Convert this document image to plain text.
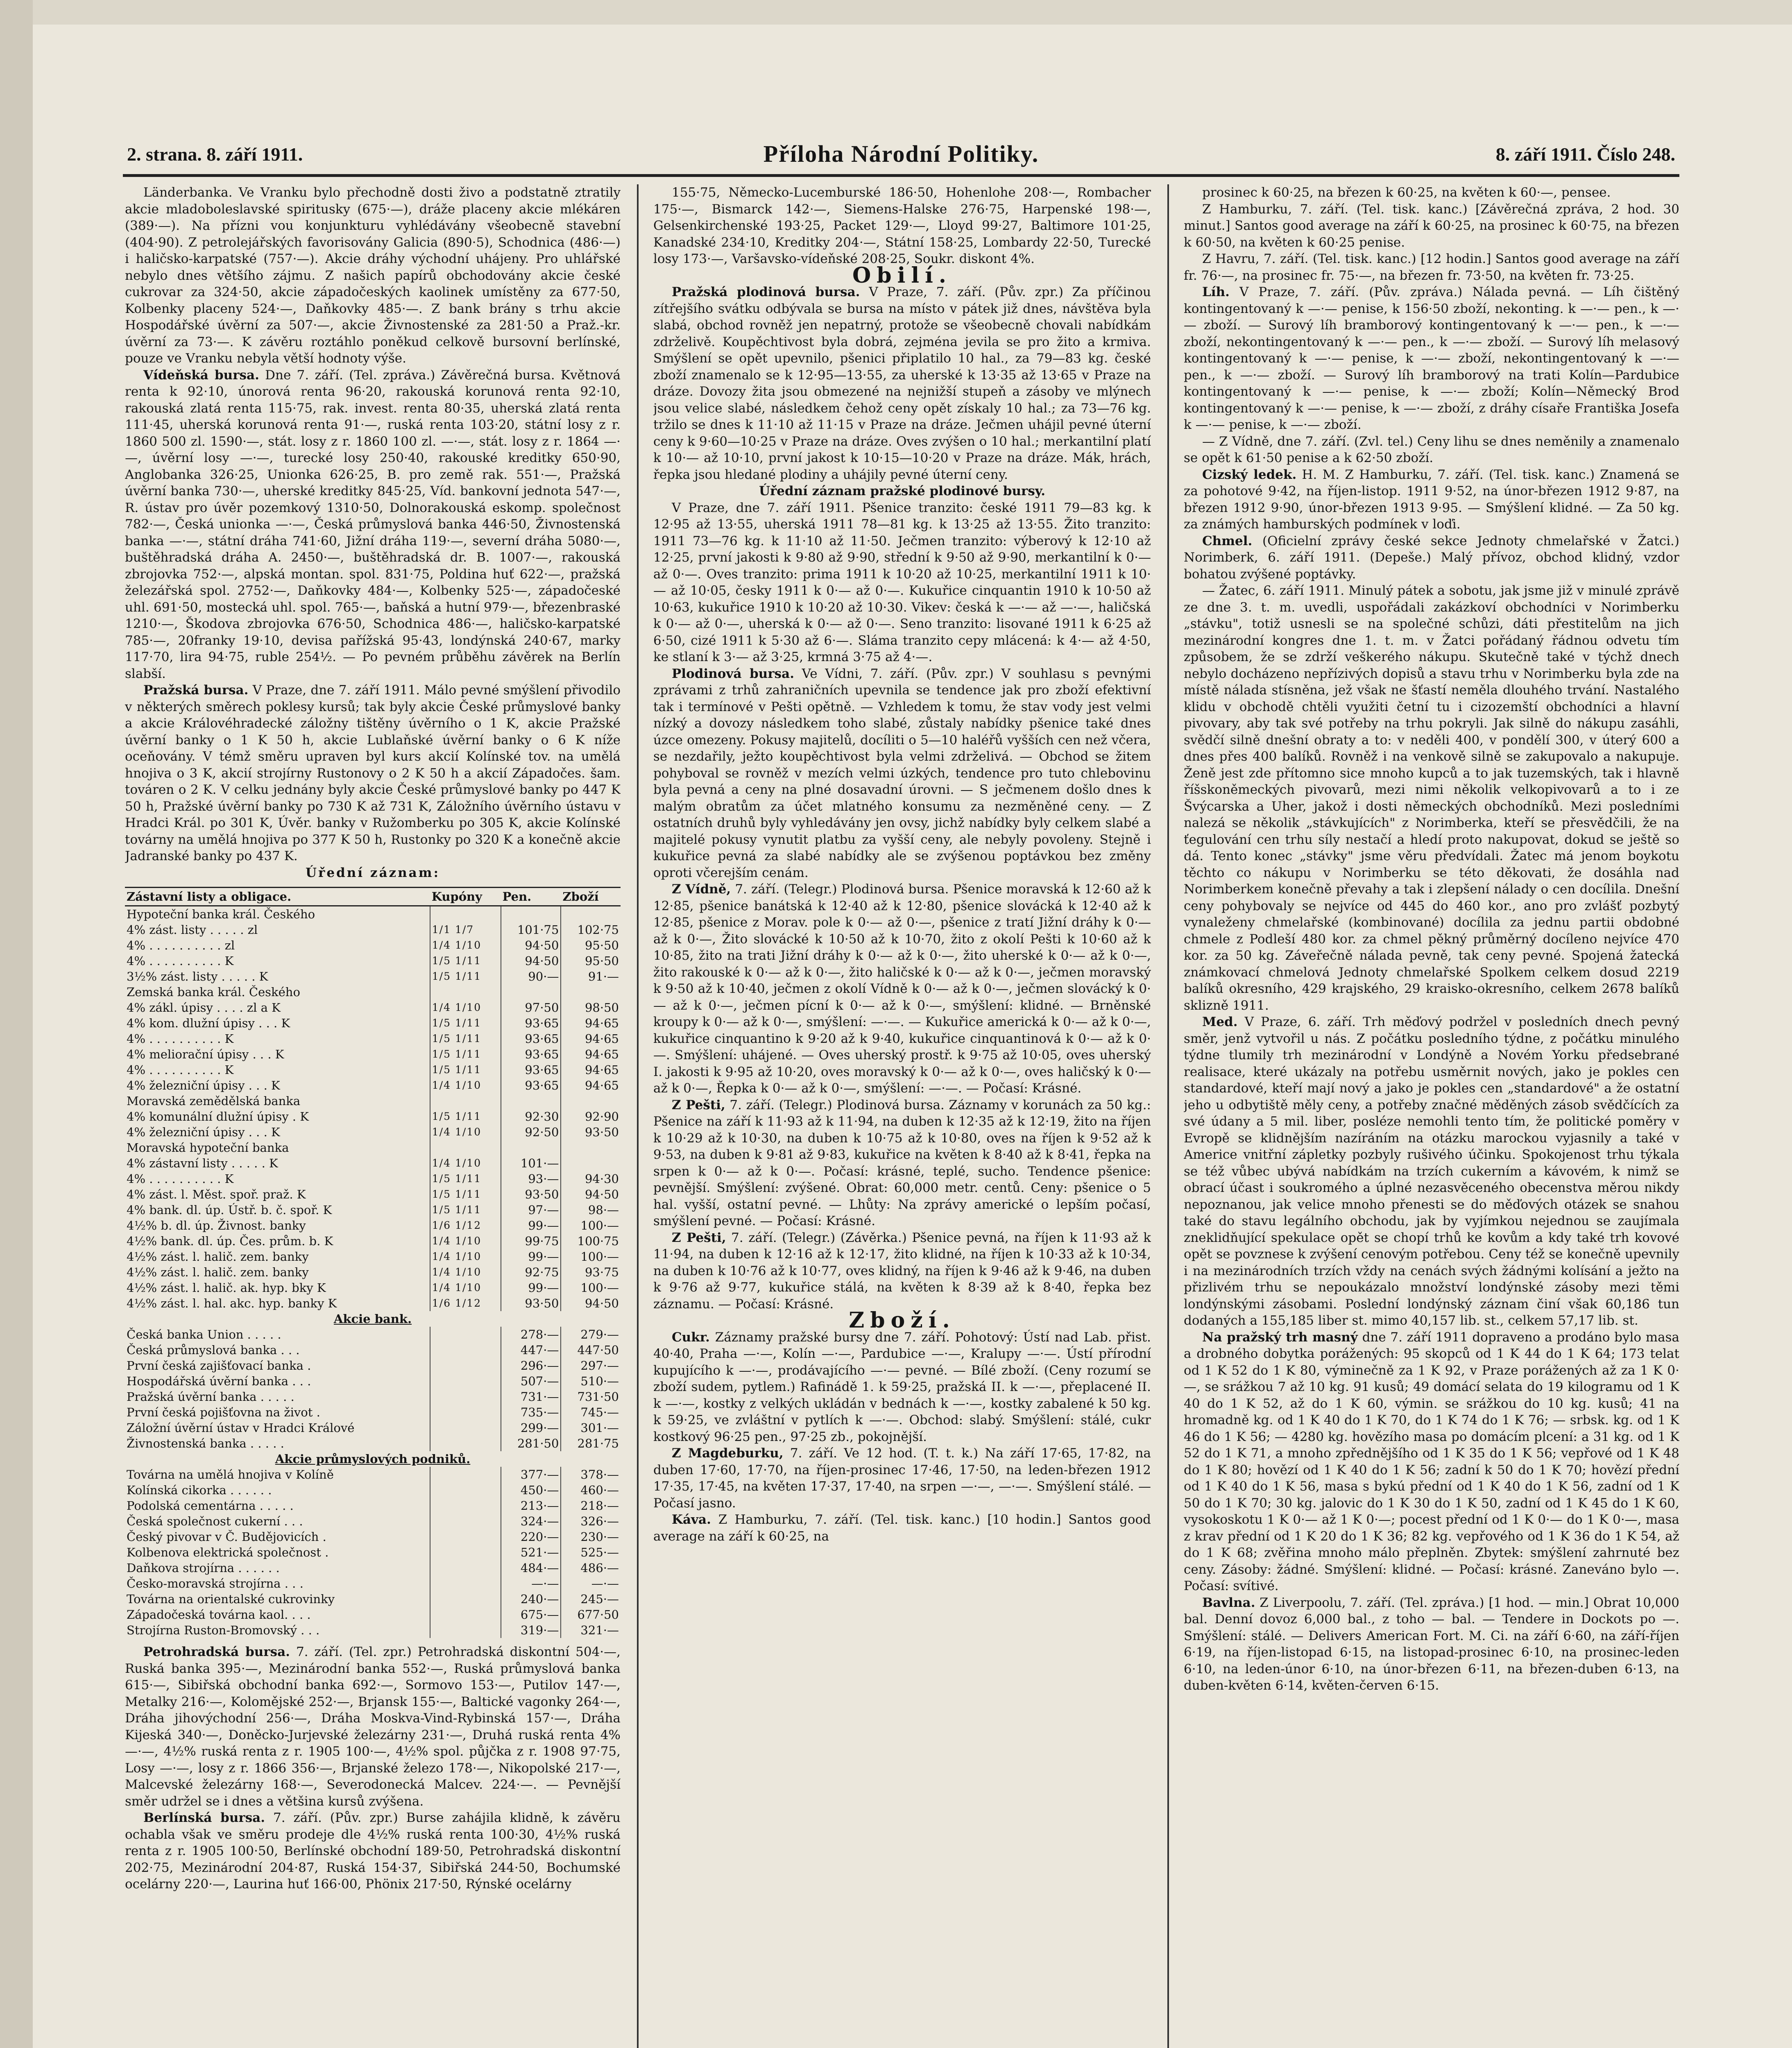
2. strana. 8. září 1911.	Příloha Národní Politiky.	8. září 1911. Číslo 248.

Länderbanka. Ve Vranku bylo přechodně dosti živo a podstatně ztratily akcie mladoboleslavské spiritusky (675·—), dráže placeny akcie mlékáren (389·—). Na přízni vou konjunkturu vyhlédávány všeobecně stavební (404·90). Z petrolejářských favorisovány Galicia (890·5), Schodnica (486·—) i haličsko-karpatské (757·—). Akcie dráhy východní uhájeny. Pro uhlářské nebylo dnes většího zájmu. Z našich papírů obchodovány akcie české cukrovar za 324·50, akcie západočeských kaolinek umístěny za 677·50, Kolbenky placeny 524·—, Daňkovky 485·—. Z bank brány s trhu akcie Hospodářské úvěrní za 507·—, akcie Živnostenské za 281·50 a Praž.-kr. úvěrní za 73·—. K závěru roztáhlo poněkud celkově bursovní berlínské, pouze ve Vranku nebyla větší hodnoty výše.

Vídeňská bursa. Dne 7. září. (Tel. zpráva.) Závěrečná bursa. Květnová renta k 92·10, únorová renta 96·20, rakouská korunová renta 92·10, rakouská zlatá renta 115·75, rak. invest. renta 80·35, uherská zlatá renta 111·45, uherská korunová renta 91·—, ruská renta 103·20, státní losy z r. 1860 500 zl. 1590·—, stát. losy z r. 1860 100 zl. —·—, stát. losy z r. 1864 —·—, úvěrní losy —·—, turecké losy 250·40, rakouské kreditky 650·90, Anglobanka 326·25, Unionka 626·25, B. pro země rak. 551·—, Pražská úvěrní banka 730·—, uherské kreditky 845·25, Víd. bankovní jednota 547·—, R. ústav pro úvěr pozemkový 1310·50, Dolnorakouská eskomp. společnost 782·—, Česká unionka —·—, Česká průmyslová banka 446·50, Živnostenská banka —·—, státní dráha 741·60, Jižní dráha 119·—, severní dráha 5080·—, buštěhradská dráha A. 2450·—, buštěhradská dr. B. 1007·—, rakouská zbrojovka 752·—, alpská montan. spol. 831·75, Poldina huť 622·—, pražská železářská spol. 2752·—, Daňkovky 484·—, Kolbenky 525·—, západočeské uhl. 691·50, mostecká uhl. spol. 765·—, baňská a hutní 979·—, březenbraské 1210·—, Škodova zbrojovka 676·50, Schodnica 486·—, haličsko-karpatské 785·—, 20franky 19·10, devisa pařížská 95·43, londýnská 240·67, marky 117·70, lira 94·75, ruble 254½. — Po pevném průběhu závěrek na Berlín slabší.

Pražská bursa. V Praze, dne 7. září 1911. Málo pevné smýšlení přivodilo v některých směrech poklesy kursů; tak byly akcie České průmyslové banky a akcie Královéhradecké záložny tištěny úvěrního o 1 K, akcie Pražské úvěrní banky o 1 K 50 h, akcie Lublaňské úvěrní banky o 6 K níže oceňovány. V témž směru upraven byl kurs akcií Kolínské tov. na umělá hnojiva o 3 K, akcií strojírny Rustonovy o 2 K 50 h a akcií Západočes. šam. továren o 2 K. V celku jednány byly akcie České průmyslové banky po 447 K 50 h, Pražské úvěrní banky po 730 K až 731 K, Záložního úvěrního ústavu v Hradci Král. po 301 K, Úvěr. banky v Ružomberku po 305 K, akcie Kolínské továrny na umělá hnojiva po 377 K 50 h, Rustonky po 320 K a konečně akcie Jadranské banky po 437 K.

Úřední záznam:

Zástavní listy a obligace.	Kupóny	Pen.	Zboží
Hypoteční banka král. Českého			
4% zást. listy . . . . . zl	1/1 1/7	101·75	102·75
4% . . . . . . . . . . zl	1/4 1/10	94·50	95·50
4% . . . . . . . . . . K	1/5 1/11	94·50	95·50
3½% zást. listy . . . . . K	1/5 1/11	90·—	91·—
Zemská banka král. Českého			
4% zákl. úpisy . . . . zl a K	1/4 1/10	97·50	98·50
4% kom. dlužní úpisy . . . K	1/5 1/11	93·65	94·65
4% . . . . . . . . . . K	1/5 1/11	93·65	94·65
4% meliorační úpisy . . . K	1/5 1/11	93·65	94·65
4% . . . . . . . . . . K	1/5 1/11	93·65	94·65
4% železniční úpisy . . . K	1/4 1/10	93·65	94·65
Moravská zemědělská banka			
4% komunální dlužní úpisy . K	1/5 1/11	92·30	92·90
4% železniční úpisy . . . K	1/4 1/10	92·50	93·50
Moravská hypoteční banka			
4% zástavní listy . . . . . K	1/4 1/10	101·—	
4% . . . . . . . . . . K	1/5 1/11	93·—	94·30
4% zást. l. Měst. spoř. praž. K	1/5 1/11	93·50	94·50
4% bank. dl. úp. Ústř. b. č. spoř. K	1/5 1/11	97·—	98·—
4½% b. dl. úp. Živnost. banky	1/6 1/12	99·—	100·—
4½% bank. dl. úp. Čes. prům. b. K	1/4 1/10	99·75	100·75
4½% zást. l. halič. zem. banky	1/4 1/10	99·—	100·—
4½% zást. l. halič. zem. banky	1/4 1/10	92·75	93·75
4½% zást. l. halič. ak. hyp. bky K	1/4 1/10	99·—	100·—
4½% zást. l. hal. akc. hyp. banky K	1/6 1/12	93·50	94·50
Akcie bank.			
Česká banka Union . . . . .		278·—	279·—
Česká průmyslová banka . . .		447·—	447·50
První česká zajišťovací banka .		296·—	297·—
Hospodářská úvěrní banka . . .		507·—	510·—
Pražská úvěrní banka . . . . .		731·—	731·50
První česká pojišťovna na život .		735·—	745·—
Záložní úvěrní ústav v Hradci Králové		299·—	301·—
Živnostenská banka . . . . .		281·50	281·75
Akcie průmyslových podniků.			
Továrna na umělá hnojiva v Kolíně		377·—	378·—
Kolínská cikorka . . . . . .		450·—	460·—
Podolská cementárna . . . . .		213·—	218·—
Česká společnost cukerní . . .		324·—	326·—
Český pivovar v Č. Budějovicích .		220·—	230·—
Kolbenova elektrická společnost .		521·—	525·—
Daňkova strojírna . . . . . .		484·—	486·—
Česko-moravská strojírna . . .		—·—	—·—
Továrna na orientalské cukrovinky		240·—	245·—
Západočeská továrna kaol. . . .		675·—	677·50
Strojírna Ruston-Bromovský . . .		319·—	321·—

Petrohradská bursa. 7. září. (Tel. zpr.) Petrohradská diskontní 504·—, Ruská banka 395·—, Mezinárodní banka 552·—, Ruská průmyslová banka 615·—, Sibiřská obchodní banka 692·—, Sormovo 153·—, Putilov 147·—, Metalky 216·—, Kolomějské 252·—, Brjansk 155·—, Baltické vagonky 264·—, Dráha jihovýchodní 256·—, Dráha Moskva-Vind-Rybinská 157·—, Dráha Kijeská 340·—, Doněcko-Jurjevské železárny 231·—, Druhá ruská renta 4% —·—, 4½% ruská renta z r. 1905 100·—, 4½% spol. půjčka z r. 1908 97·75, Losy —·—, losy z r. 1866 356·—, Brjanské železo 178·—, Nikopolské 217·—, Malcevské železárny 168·—, Severodonecká Malcev. 224·—. — Pevnější směr udržel se i dnes a většina kursů zvýšena.

Berlínská bursa. 7. září. (Pův. zpr.) Burse zahájila klidně, k závěru ochabla však ve směru prodeje dle 4½% ruská renta 100·30, 4½% ruská renta z r. 1905 100·50, Berlínské obchodní 189·50, Petrohradská diskontní 202·75, Mezinárodní 204·87, Ruská 154·37, Sibiřská 244·50, Bochumské ocelárny 220·—, Laurina huť 166·00, Phönix 217·50, Rýnské ocelárny

155·75, Německo-Lucemburské 186·50, Hohenlohe 208·—, Rombacher 175·—, Bismarck 142·—, Siemens-Halske 276·75, Harpenské 198·—, Gelsenkirchenské 193·25, Packet 129·—, Lloyd 99·27, Baltimore 101·25, Kanadské 234·10, Kreditky 204·—, Státní 158·25, Lombardy 22·50, Turecké losy 173·—, Varšavsko-vídeňské 208·25, Soukr. diskont 4%.

Obilí.

Pražská plodinová bursa. V Praze, 7. září. (Pův. zpr.) Za příčinou zítřejšího svátku odbývala se bursa na místo v pátek již dnes, návštěva byla slabá, obchod rovněž jen nepatrný, protože se všeobecně chovali nabídkám zdrželivě. Koupěchtivost byla dobrá, zejména jevila se pro žito a krmiva. Smýšlení se opět upevnilo, pšenici připlatilo 10 hal., za 79—83 kg. české zboží znamenalo se k 12·95—13·55, za uherské k 13·35 až 13·65 v Praze na dráze. Dovozy žita jsou obmezené na nejnižší stupeň a zásoby ve mlýnech jsou velice slabé, následkem čehož ceny opět získaly 10 hal.; za 73—76 kg. tržilo se dnes k 11·10 až 11·15 v Praze na dráze. Ječmen uhájil pevné úterní ceny k 9·60—10·25 v Praze na dráze. Oves zvýšen o 10 hal.; merkantilní platí k 10·— až 10·10, první jakost k 10·15—10·20 v Praze na dráze. Mák, hrách, řepka jsou hledané plodiny a uhájily pevné úterní ceny.

Úřední záznam pražské plodinové bursy.

V Praze, dne 7. září 1911. Pšenice tranzito: české 1911 79—83 kg. k 12·95 až 13·55, uherská 1911 78—81 kg. k 13·25 až 13·55. Žito tranzito: 1911 73—76 kg. k 11·10 až 11·50. Ječmen tranzito: výberový k 12·10 až 12·25, první jakosti k 9·80 až 9·90, střední k 9·50 až 9·90, merkantilní k 0·— až 0·—. Oves tranzito: prima 1911 k 10·20 až 10·25, merkantilní 1911 k 10·— až 10·05, česky 1911 k 0·— až 0·—. Kukuřice cinquantin 1910 k 10·50 až 10·63, kukuřice 1910 k 10·20 až 10·30. Vikev: česká k —·— až —·—, haličská k 0·— až 0·—, uherská k 0·— až 0·—. Seno tranzito: lisované 1911 k 6·25 až 6·50, cizé 1911 k 5·30 až 6·—. Sláma tranzito cepy mlácená: k 4·— až 4·50, ke stlaní k 3·— až 3·25, krmná 3·75 až 4·—.

Plodinová bursa. Ve Vídni, 7. září. (Pův. zpr.) V souhlasu s pevnými zprávami z trhů zahraničních upevnila se tendence jak pro zboží efektivní tak i termínové v Pešti opětně. — Vzhledem k tomu, že stav vody jest velmi nízký a dovozy následkem toho slabé, zůstaly nabídky pšenice také dnes úzce omezeny. Pokusy majitelů, docíliti o 5—10 haléřů vyšších cen než včera, se nezdařily, ježto koupěchtivost byla velmi zdrželivá. — Obchod se žitem pohyboval se rovněž v mezích velmi úzkých, tendence pro tuto chlebovinu byla pevná a ceny na plné dosavadní úrovni. — S ječmenem došlo dnes k malým obratům za účet mlatného konsumu za nezměněné ceny. — Z ostatních druhů byly vyhledávány jen ovsy, jichž nabídky byly celkem slabé a majitelé pokusy vynutit platbu za vyšší ceny, ale nebyly povoleny. Stejně i kukuřice pevná za slabé nabídky ale se zvýšenou poptávkou bez změny oproti včerejším cenám.

Z Vídně, 7. září. (Telegr.) Plodinová bursa. Pšenice moravská k 12·60 až k 12·85, pšenice banátská k 12·40 až k 12·80, pšenice slovácká k 12·40 až k 12·85, pšenice z Morav. pole k 0·— až 0·—, pšenice z tratí Jižní dráhy k 0·— až k 0·—, Žito slovácké k 10·50 až k 10·70, žito z okolí Pešti k 10·60 až k 10·85, žito na trati Jižní dráhy k 0·— až k 0·—, žito uherské k 0·— až k 0·—, žito rakouské k 0·— až k 0·—, žito haličské k 0·— až k 0·—, ječmen moravský k 9·50 až k 10·40, ječmen z okolí Vídně k 0·— až k 0·—, ječmen slovácký k 0·— až k 0·—, ječmen pícní k 0·— až k 0·—, smýšlení: klidné. — Brněnské kroupy k 0·— až k 0·—, smýšlení: —·—. — Kukuřice americká k 0·— až k 0·—, kukuřice cinquantino k 9·20 až k 9·40, kukuřice cinquantinová k 0·— až k 0·—. Smýšlení: uhájené. — Oves uherský prostř. k 9·75 až 10·05, oves uherský I. jakosti k 9·95 až 10·20, oves moravský k 0·— až k 0·—, oves haličský k 0·— až k 0·—, Řepka k 0·— až k 0·—, smýšlení: —·—. — Počasí: Krásné.

Z Pešti, 7. září. (Telegr.) Plodinová bursa. Záznamy v korunách za 50 kg.: Pšenice na září k 11·93 až k 11·94, na duben k 12·35 až k 12·19, žito na říjen k 10·29 až k 10·30, na duben k 10·75 až k 10·80, oves na říjen k 9·52 až k 9·53, na duben k 9·81 až 9·83, kukuřice na květen k 8·40 až k 8·41, řepka na srpen k 0·— až k 0·—. Počasí: krásné, teplé, sucho. Tendence pšenice: pevnější. Smýšlení: zvýšené. Obrat: 60,000 metr. centů. Ceny: pšenice o 5 hal. vyšší, ostatní pevné. — Lhůty: Na zprávy americké o lepším počasí, smýšlení pevné. — Počasí: Krásné.

Z Pešti, 7. září. (Telegr.) (Závěrka.) Pšenice pevná, na říjen k 11·93 až k 11·94, na duben k 12·16 až k 12·17, žito klidné, na říjen k 10·33 až k 10·34, na duben k 10·76 až k 10·77, oves klidný, na říjen k 9·46 až k 9·46, na duben k 9·76 až 9·77, kukuřice stálá, na květen k 8·39 až k 8·40, řepka bez záznamu. — Počasí: Krásné.

Zboží.

Cukr. Záznamy pražské bursy dne 7. září. Pohotový: Ústí nad Lab. přist. 40·40, Praha —·—, Kolín —·—, Pardubice —·—, Kralupy —·—. Ústí přírodní kupujícího k —·—, prodávajícího —·— pevné. — Bílé zboží. (Ceny rozumí se zboží sudem, pytlem.) Rafinádě 1. k 59·25, pražská II. k —·—, přeplacené II. k —·—, kostky z velkých ukládán v bednách k —·—, kostky zabalené k 50 kg. k 59·25, ve zvláštní v pytlích k —·—. Obchod: slabý. Smýšlení: stálé, cukr kostkový 96·25 pen., 97·25 zb., pokojnější.

Z Magdeburku, 7. září. Ve 12 hod. (T. t. k.) Na září 17·65, 17·82, na duben 17·60, 17·70, na říjen-prosinec 17·46, 17·50, na leden-březen 1912 17·35, 17·45, na květen 17·37, 17·40, na srpen —·—, —·—. Smýšlení stálé. — Počasí jasno.

Káva. Z Hamburku, 7. září. (Tel. tisk. kanc.) [10 hodin.] Santos good average na září k 60·25, na

prosinec k 60·25, na březen k 60·25, na květen k 60·—, pensee.

Z Hamburku, 7. září. (Tel. tisk. kanc.) [Závěrečná zpráva, 2 hod. 30 minut.] Santos good average na září k 60·25, na prosinec k 60·75, na březen k 60·50, na květen k 60·25 penise.

Z Havru, 7. září. (Tel. tisk. kanc.) [12 hodin.] Santos good average na září fr. 76·—, na prosinec fr. 75·—, na březen fr. 73·50, na květen fr. 73·25.

Líh. V Praze, 7. září. (Pův. zpráva.) Nálada pevná. — Líh čištěný kontingentovaný k —·— penise, k 156·50 zboží, nekonting. k —·— pen., k —·— zboží. — Surový líh bramborový kontingentovaný k —·— pen., k —·— zboží, nekontingentovaný k —·— pen., k —·— zboží. — Surový líh melasový kontingentovaný k —·— penise, k —·— zboží, nekontingentovaný k —·— pen., k —·— zboží. — Surový líh bramborový na trati Kolín—Pardubice kontingentovaný k —·— penise, k —·— zboží; Kolín—Německý Brod kontingentovaný k —·— penise, k —·— zboží, z dráhy císaře Františka Josefa k —·— penise, k —·— zboží.

— Z Vídně, dne 7. září. (Zvl. tel.) Ceny lihu se dnes neměnily a znamenalo se opět k 61·50 penise a k 62·50 zboží.

Cizský ledek. H. M. Z Hamburku, 7. září. (Tel. tisk. kanc.) Znamená se za pohotové 9·42, na říjen-listop. 1911 9·52, na únor-březen 1912 9·87, na březen 1912 9·90, únor-březen 1913 9·95. — Smýšlení klidné. — Za 50 kg. za známých hamburských podmínek v loďi.

Chmel. (Oficielní zprávy české sekce Jednoty chmelařské v Žatci.) Norimberk, 6. září 1911. (Depeše.) Malý přívoz, obchod klidný, vzdor bohatou zvýšené poptávky.

— Žatec, 6. září 1911. Minulý pátek a sobotu, jak jsme již v minulé zprávě ze dne 3. t. m. uvedli, uspořádali zakázkoví obchodníci v Norimberku „stávku", totiž usnesli se na společné schůzi, dáti přestitelům na jich mezinárodní kongres dne 1. t. m. v Žatci pořádaný řádnou odvetu tím způsobem, že se zdrží veškerého nákupu. Skutečně také v týchž dnech nebylo docházeno nepřízivých dopisů a stavu trhu v Norimberku byla zde na místě nálada stísněna, jež však ne šťastí neměla dlouhého trvání. Nastalého klidu v obchodě chtěli využiti četní tu i cizozemští obchodníci a hlavní pivovary, aby tak své potřeby na trhu pokryli. Jak silně do nákupu zasáhli, svědčí silně dnešní obraty a to: v neděli 400, v pondělí 300, v úterý 600 a dnes přes 400 balíků. Rovněž i na venkově silně se zakupovalo a nakupuje. Ženě jest zde přítomno sice mnoho kupců a to jak tuzemských, tak i hlavně říšskoněmeckých pivovarů, mezi nimi několik velkopivovarů a to i ze Švýcarska a Uher, jakož i dosti německých obchodníků. Mezi posledními nalezá se několik „stávkujících" z Norimberka, kteří se přesvědčili, že na ťegulování cen trhu síly nestačí a hledí proto nakupovat, dokud se ještě so dá. Tento konec „stávky" jsme věru předvídali. Žatec má jenom boykotu těchto co nákupu v Norimberku se této děkovati, že dosáhla nad Norimberkem konečně převahy a tak i zlepšení nálady o cen docílila. Dnešní ceny pohybovaly se nejvíce od 445 do 460 kor., ano pro zvlášť pozbytý vynaleženy chmelařské (kombinované) docílila za jednu partii obdobné chmele z Podleší 480 kor. za chmel pěkný průměrný docíleno nejvíce 470 kor. za 50 kg. Záveřečně nálada pevně, tak ceny pevné. Spojená žatecká známkovací chmelová Jednoty chmelařské Spolkem celkem dosud 2219 balíků okresního, 429 krajského, 29 kraisko-okresního, celkem 2678 balíků sklizně 1911.

Med. V Praze, 6. září. Trh měďový podržel v posledních dnech pevný směr, jenž vytvořil u nás. Z počátku posledního týdne, z počátku minulého týdne tlumily trh mezinárodní v Londýně a Novém Yorku předsebrané realisace, které ukázaly na potřebu usměrnit nových, jako je pokles cen standardové, kteří mají nový a jako je pokles cen „standardové" a že ostatní jeho u odbytiště měly ceny, a potřeby značné měděných zásob svědčících za své údany a 5 mil. liber, posléze nemohli tento tím, že politické poměry v Evropě se klidnějším nazíráním na otázku marockou vyjasnily a také v Americe vnitřní zápletky pozbyly rušivého účinku. Spokojenost trhu týkala se též vůbec ubývá nabídkám na trzích cukerním a kávovém, k nimž se obrací účast i soukromého a úplné nezasvěceného obecenstva měrou nikdy nepoznanou, jak velice mnoho přenesti se do měďových otázek se snahou také do stavu legálního obchodu, jak by vyjímkou nejednou se zaujímala zneklidňující spekulace opět se chopí trhů ke kovům a kdy také trh kovové opět se povznese k zvýšení cenovým potřebou. Ceny též se konečně upevnily i na mezinárodních trzích vždy na cenách svých žádnými kolísání a ježto na přizlivém trhu se nepoukázalo množství londýnské zásoby mezi těmi londýnskými zásobami. Poslední londýnský záznam činí však 60,186 tun dodaných a 155,185 liber st. mimo 40,157 lib. st., celkem 57,17 lib. st.

Na pražský trh masný dne 7. září 1911 dopraveno a prodáno bylo masa a drobného dobytka porážených: 95 skopců od 1 K 44 do 1 K 64; 173 telat od 1 K 52 do 1 K 80, výminečně za 1 K 92, v Praze porážených až za 1 K 0·—, se srážkou 7 až 10 kg. 91 kusů; 49 domácí selata do 19 kilogramu od 1 K 40 do 1 K 52, až do 1 K 60, výmin. se srážkou do 10 kg. kusů; 41 na hromadně kg. od 1 K 40 do 1 K 70, do 1 K 74 do 1 K 76; — srbsk. kg. od 1 K 46 do 1 K 56; — 4280 kg. hovězího masa po domácím plcení: a 31 kg. od 1 K 52 do 1 K 71, a mnoho zpřednějšího od 1 K 35 do 1 K 56; vepřové od 1 K 48 do 1 K 80; hovězí od 1 K 40 do 1 K 56; zadní k 50 do 1 K 70; hovězí přední od 1 K 40 do 1 K 56, masa s bykú přední od 1 K 40 do 1 K 56, zadní od 1 K 50 do 1 K 70; 30 kg. jalovic do 1 K 30 do 1 K 50, zadní od 1 K 45 do 1 K 60, vysokoskotu 1 K 0·— až 1 K 0·—; pocest přední od 1 K 0·— do 1 K 0·—, masa z krav přední od 1 K 20 do 1 K 36; 82 kg. vepřového od 1 K 36 do 1 K 54, až do 1 K 68; zvěřina mnoho málo přeplněn. Zbytek: smýšlení zahrnuté bez ceny. Zásoby: žádné. Smýšlení: klidné. — Počasí: krásné. Zaneváno bylo —. Počasí: svítivé.

Bavlna. Z Liverpoolu, 7. září. (Tel. zpráva.) [1 hod. — min.] Obrat 10,000 bal. Denní dovoz 6,000 bal., z toho — bal. — Tendere in Dockots po —. Smýšlení: stálé. — Delivers American Fort. M. Ci. na září 6·60, na září-říjen 6·19, na říjen-listopad 6·15, na listopad-prosinec 6·10, na prosinec-leden 6·10, na leden-únor 6·10, na únor-březen 6·11, na březen-duben 6·13, na duben-květen 6·14, květen-červen 6·15.
